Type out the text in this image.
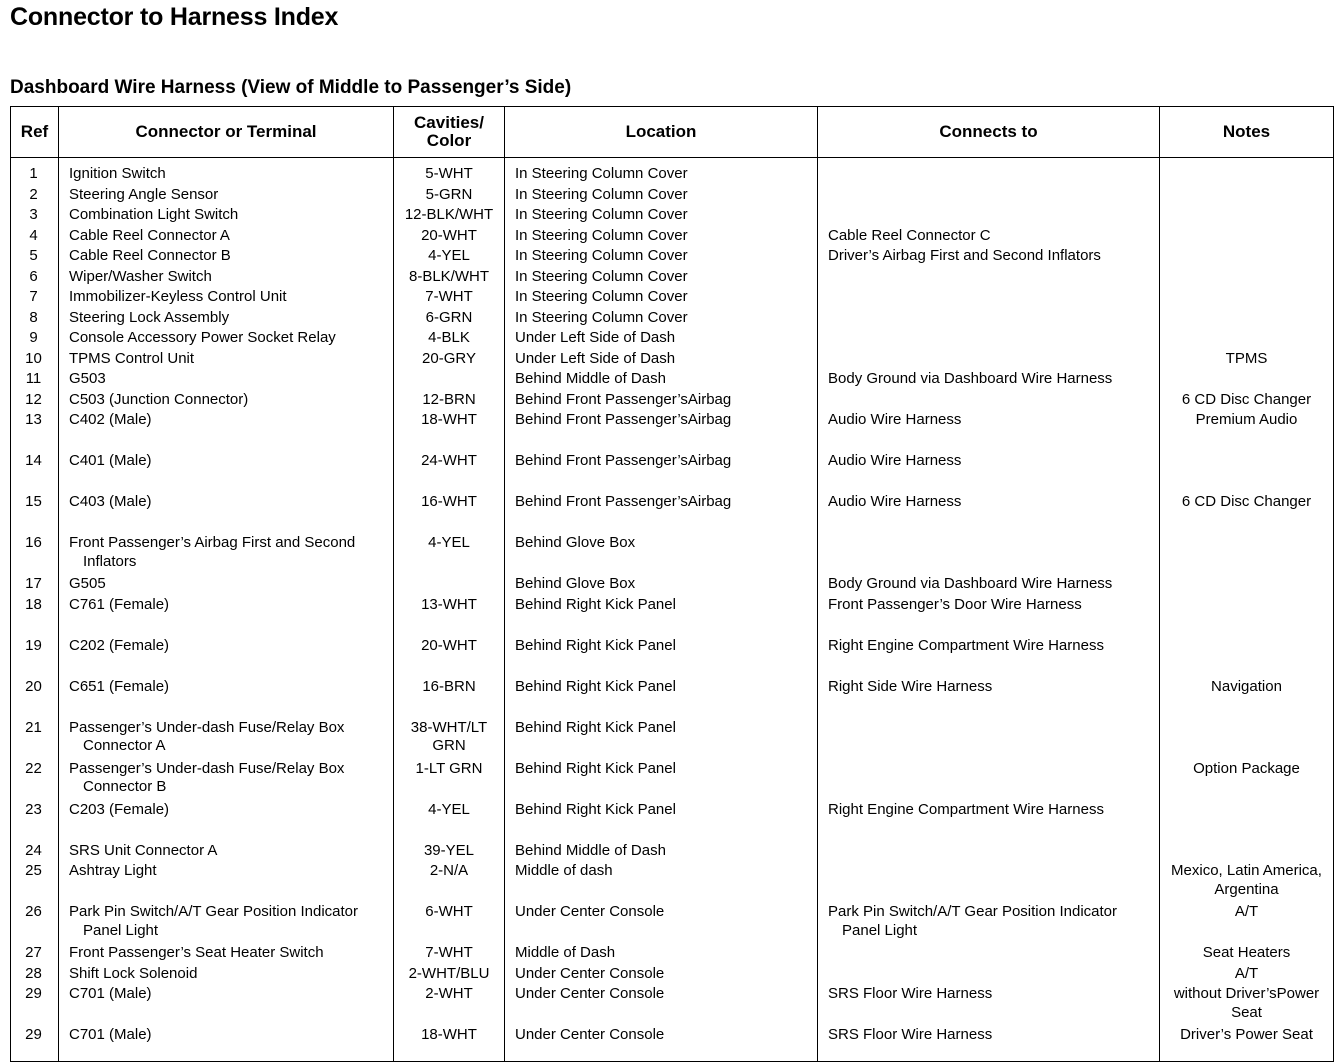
Connector to Harness Index
Dashboard Wire Harness (View of Middle to Passenger’s Side)
Ref	Connector or Terminal	Cavities/
Color	Location	Connects to	Notes

1	Ignition Switch	5-WHT	In Steering Column Cover		

2	Steering Angle Sensor	5-GRN	In Steering Column Cover		

3	Combination Light Switch	12-BLK/WHT	In Steering Column Cover		

4	Cable Reel Connector A	20-WHT	In Steering Column Cover	Cable Reel Connector C	

5	Cable Reel Connector B	4-YEL	In Steering Column Cover	Driver’s Airbag First and Second Inflators	

6	Wiper/Washer Switch	8-BLK/WHT	In Steering Column Cover		

7	Immobilizer-Keyless Control Unit	7-WHT	In Steering Column Cover		

8	Steering Lock Assembly	6-GRN	In Steering Column Cover		

9	Console Accessory Power Socket Relay	4-BLK	Under Left Side of Dash		

10	TPMS Control Unit	20-GRY	Under Left Side of Dash		TPMS

11	G503		Behind Middle of Dash	Body Ground via Dashboard Wire Harness	

12	C503 (Junction Connector)	12-BRN	Behind Front Passenger’sAirbag		6 CD Disc Changer

13	C402 (Male)	18-WHT	Behind Front Passenger’sAirbag	Audio Wire Harness	Premium Audio

14	C401 (Male)	24-WHT	Behind Front Passenger’sAirbag	Audio Wire Harness	

15	C403 (Male)	16-WHT	Behind Front Passenger’sAirbag	Audio Wire Harness	6 CD Disc Changer

16	Front Passenger’s Airbag First and Second
Inflators	4-YEL	Behind Glove Box		

17	G505		Behind Glove Box	Body Ground via Dashboard Wire Harness	

18	C761 (Female)	13-WHT	Behind Right Kick Panel	Front Passenger’s Door Wire Harness	

19	C202 (Female)	20-WHT	Behind Right Kick Panel	Right Engine Compartment Wire Harness	

20	C651 (Female)	16-BRN	Behind Right Kick Panel	Right Side Wire Harness	Navigation

21	Passenger’s Under-dash Fuse/Relay Box
Connector A	38-WHT/LT
GRN	Behind Right Kick Panel		

22	Passenger’s Under-dash Fuse/Relay Box
Connector B	1-LT GRN	Behind Right Kick Panel		Option Package

23	C203 (Female)	4-YEL	Behind Right Kick Panel	Right Engine Compartment Wire Harness	

24	SRS Unit Connector A	39-YEL	Behind Middle of Dash		

25	Ashtray Light	2-N/A	Middle of dash		Mexico, Latin America,
Argentina

26	Park Pin Switch/A/T Gear Position Indicator
Panel Light	6-WHT	Under Center Console	Park Pin Switch/A/T Gear Position Indicator
Panel Light	A/T

27	Front Passenger’s Seat Heater Switch	7-WHT	Middle of Dash		Seat Heaters

28	Shift Lock Solenoid	2-WHT/BLU	Under Center Console		A/T

29	C701 (Male)	2-WHT	Under Center Console	SRS Floor Wire Harness	without Driver’sPower
Seat

29	C701 (Male)	18-WHT	Under Center Console	SRS Floor Wire Harness	Driver’s Power Seat
